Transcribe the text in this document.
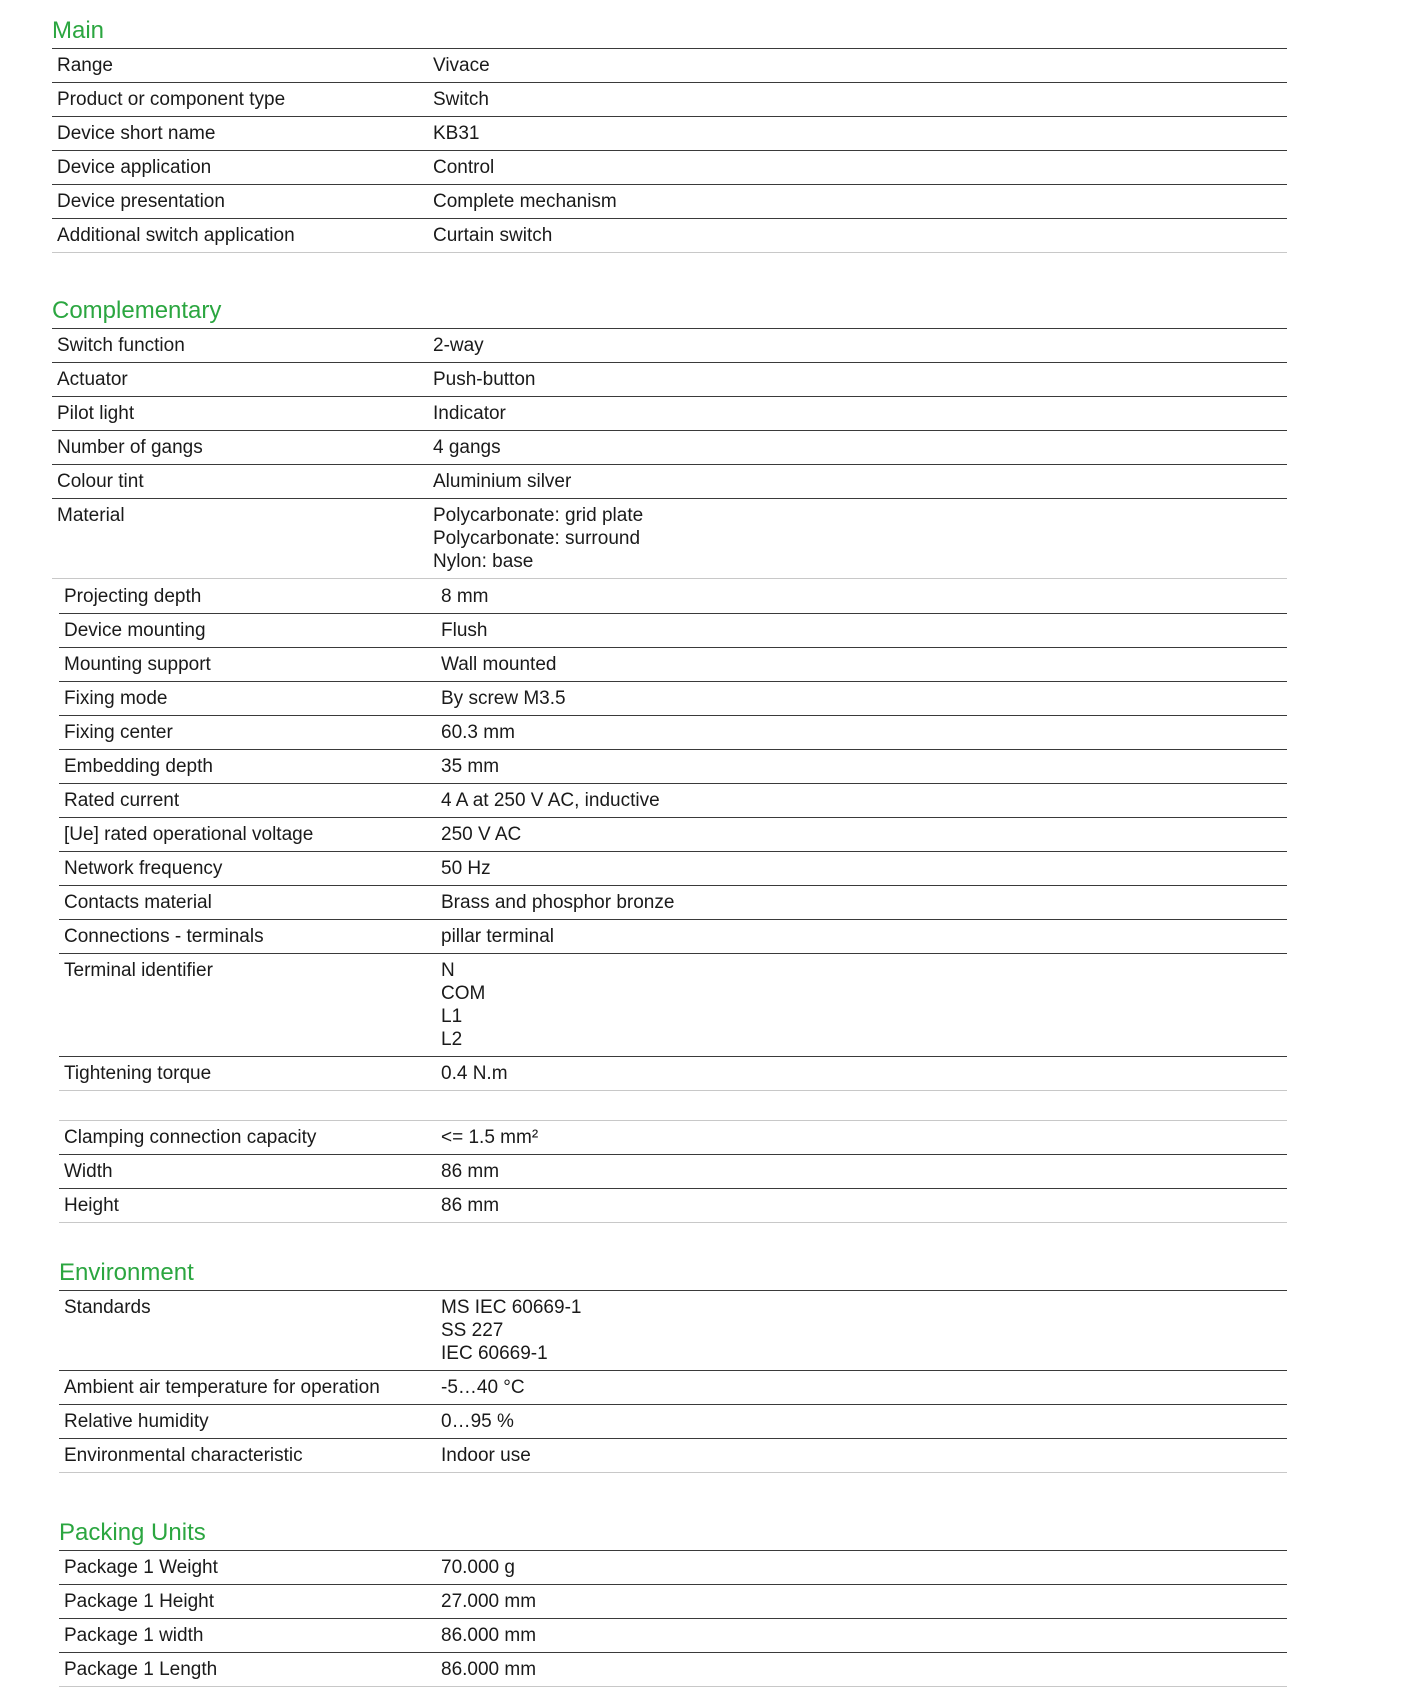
Main
Range	Vivace

Product or component type	Switch

Device short name	KB31

Device application	Control

Device presentation	Complete mechanism

Additional switch application	Curtain switch
Complementary
Switch function	2-way

Actuator	Push-button

Pilot light	Indicator

Number of gangs	4 gangs

Colour tint	Aluminium silver

Material	Polycarbonate: grid plate
Polycarbonate: surround
Nylon: base
Projecting depth	8 mm

Device mounting	Flush

Mounting support	Wall mounted

Fixing mode	By screw M3.5

Fixing center	60.3 mm

Embedding depth	35 mm

Rated current	4 A at 250 V AC, inductive

[Ue] rated operational voltage	250 V AC

Network frequency	50 Hz

Contacts material	Brass and phosphor bronze

Connections - terminals	pillar terminal

Terminal identifier	N
COM
L1
L2

Tightening torque	0.4 N.m
Clamping connection capacity	<= 1.5 mm²

Width	86 mm

Height	86 mm
Environment
Standards	MS IEC 60669-1
SS 227
IEC 60669-1

Ambient air temperature for operation	-5…40 °C

Relative humidity	0…95 %

Environmental characteristic	Indoor use
Packing Units
Package 1 Weight	70.000 g

Package 1 Height	27.000 mm

Package 1 width	86.000 mm

Package 1 Length	86.000 mm
